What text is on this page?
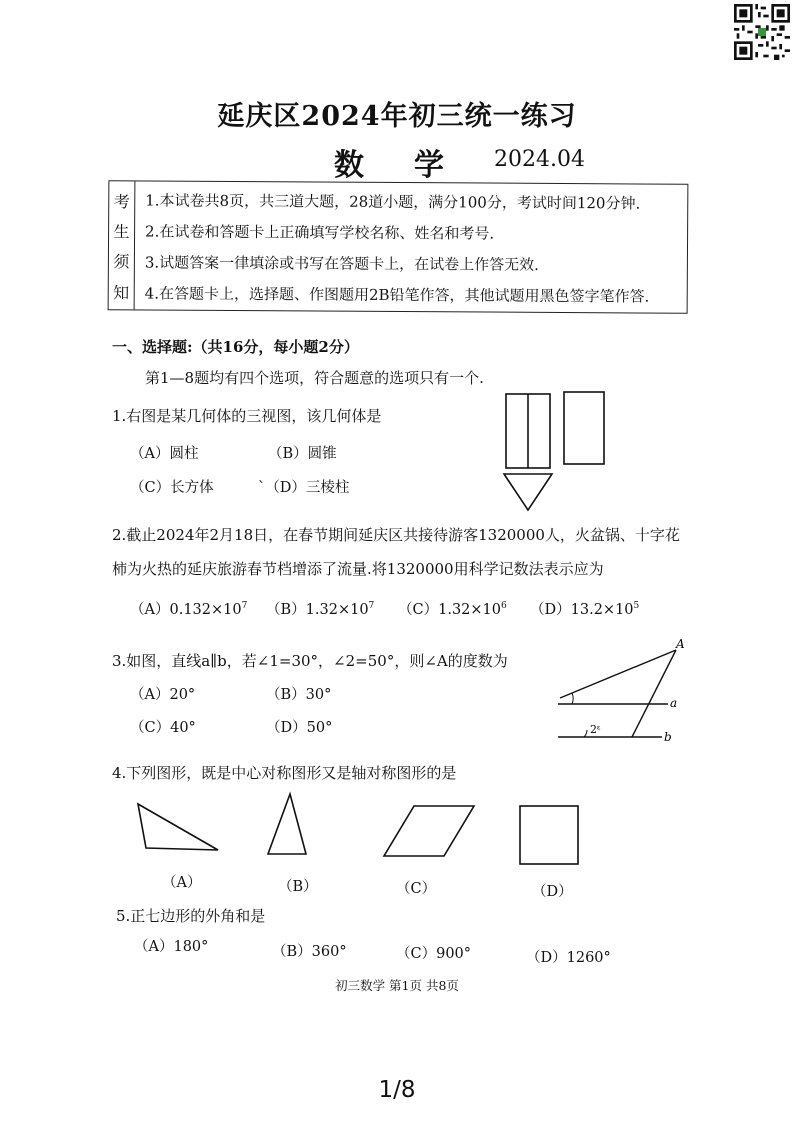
延庆区2024年初三统一练习
数学 2024.04
考
生
须
知
1.本试卷共8页，共三道大题，28道小题，满分100分，考试时间120分钟.
2.在试卷和答题卡上正确填写学校名称、姓名和考号.
3.试题答案一律填涂或书写在答题卡上，在试卷上作答无效.
4.在答题卡上，选择题、作图题用2B铅笔作答，其他试题用黑色签字笔作答.
一、选择题:（共16分，每小题2分）
第1—8题均有四个选项，符合题意的选项只有一个.
1.右图是某几何体的三视图，该几何体是
（A）圆柱	（B）圆锥
（C）长方体	`（D）三棱柱
2.截止2024年2月18日，在春节期间延庆区共接待游客1320000人，火盆锅、十字花
柿为火热的延庆旅游春节档增添了流量.将1320000用科学记数法表示应为
$(A)0.132\times 10^7$ $(B)1.32\times 10^7$ $(C)1.32\times 10^6$ $(D)13.2\times 10^5$
3.如图，直线a∥b，若∠1=30°，∠2=50°，则∠A的度数为
（A）20°	（B）30°
（C）40°	（D）50°
A
a
b
2ᵋ
4.下列图形，既是中心对称图形又是轴对称图形的是
（A）	（B）	（C）	（D）
5.正七边形的外角和是
（A）180°	（B）360°	（C）900°	（D）1260°
初三数学 第1页 共8页
1/8
